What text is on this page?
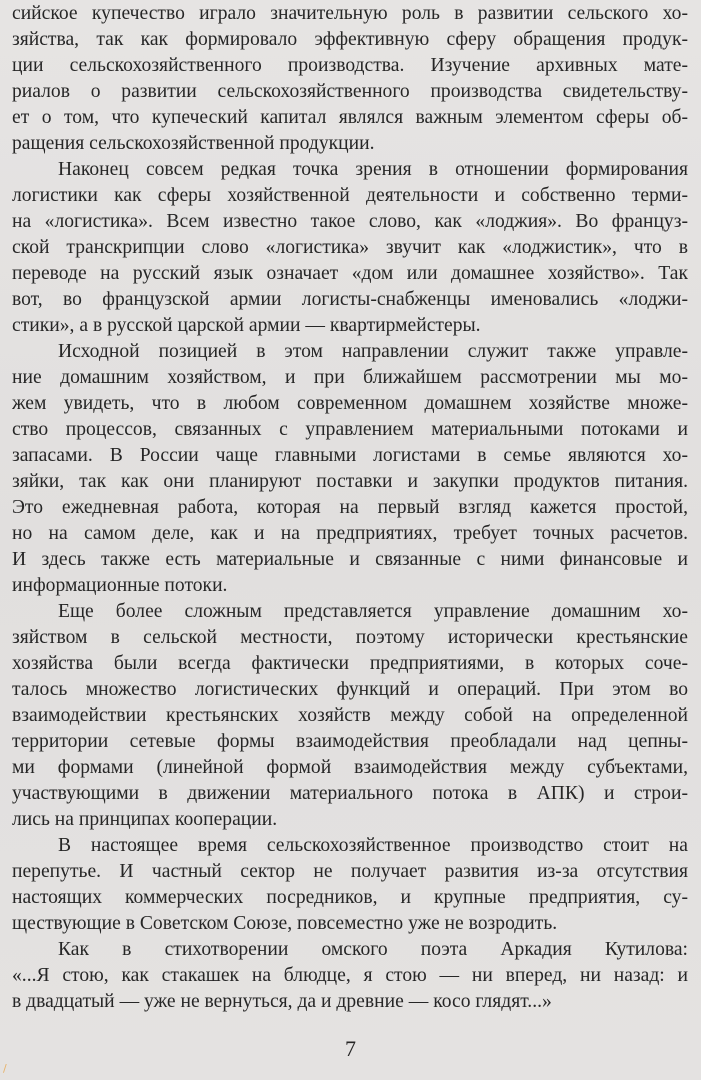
сийское купечество играло значительную роль в развитии сельского хо-
зяйства, так как формировало эффективную сферу обращения продук-
ции сельскохозяйственного производства. Изучение архивных мате-
риалов о развитии сельскохозяйственного производства свидетельству-
ет о том, что купеческий капитал являлся важным элементом сферы об-
ращения сельскохозяйственной продукции.
Наконец совсем редкая точка зрения в отношении формирования
логистики как сферы хозяйственной деятельности и собственно терми-
на «логистика». Всем известно такое слово, как «лоджия». Во француз-
ской транскрипции слово «логистика» звучит как «лоджистик», что в
переводе на русский язык означает «дом или домашнее хозяйство». Так
вот, во французской армии логисты-снабженцы именовались «лоджи-
стики», а в русской царской армии — квартирмейстеры.
Исходной позицией в этом направлении служит также управле-
ние домашним хозяйством, и при ближайшем рассмотрении мы мо-
жем увидеть, что в любом современном домашнем хозяйстве множе-
ство процессов, связанных с управлением материальными потоками и
запасами. В России чаще главными логистами в семье являются хо-
зяйки, так как они планируют поставки и закупки продуктов питания.
Это ежедневная работа, которая на первый взгляд кажется простой,
но на самом деле, как и на предприятиях, требует точных расчетов.
И здесь также есть материальные и связанные с ними финансовые и
информационные потоки.
Еще более сложным представляется управление домашним хо-
зяйством в сельской местности, поэтому исторически крестьянские
хозяйства были всегда фактически предприятиями, в которых соче-
талось множество логистических функций и операций. При этом во
взаимодействии крестьянских хозяйств между собой на определенной
территории сетевые формы взаимодействия преобладали над цепны-
ми формами (линейной формой взаимодействия между субъектами,
участвующими в движении материального потока в АПК) и строи-
лись на принципах кооперации.
В настоящее время сельскохозяйственное производство стоит на
перепутье. И частный сектор не получает развития из-за отсутствия
настоящих коммерческих посредников, и крупные предприятия, су-
ществующие в Советском Союзе, повсеместно уже не возродить.
Как в стихотворении омского поэта Аркадия Кутилова:
«...Я стою, как стакашек на блюдце, я стою — ни вперед, ни назад: и
в двадцатый — уже не вернуться, да и древние — косо глядят...»
7
/
